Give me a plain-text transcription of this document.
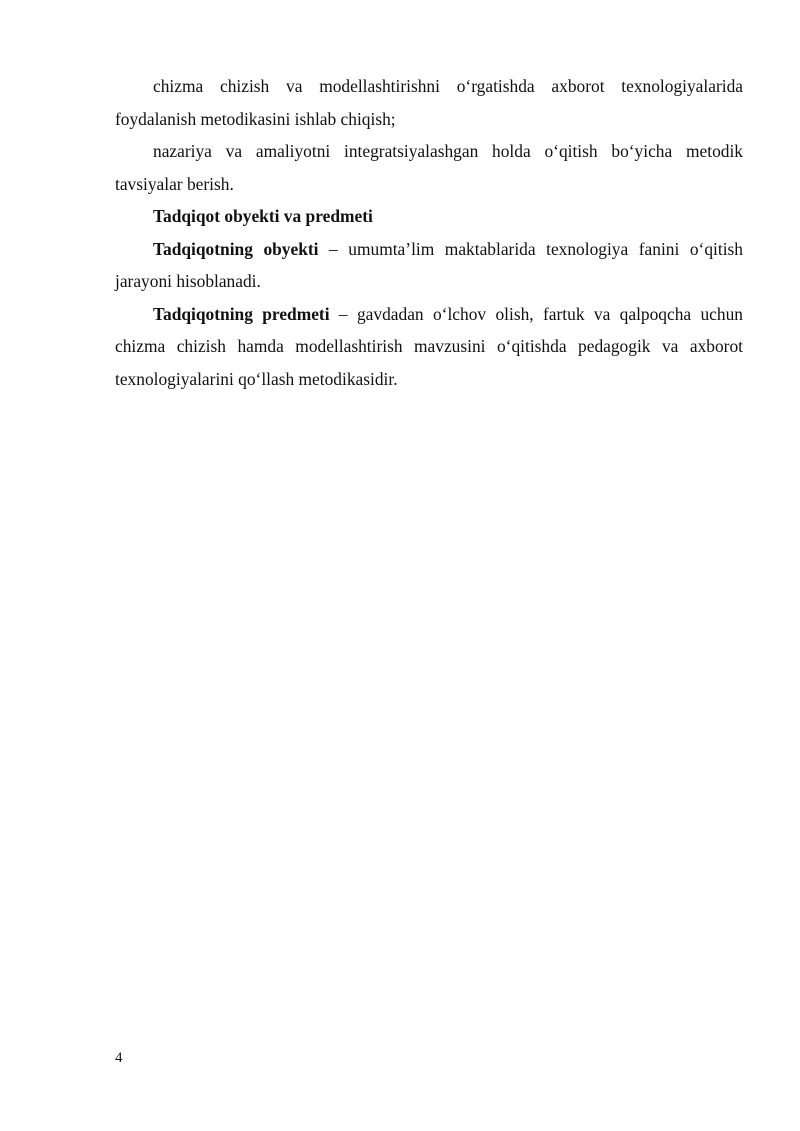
chizma chizish va modellashtirishni o‘rgatishda axborot texnologiyalarida foydalanish metodikasini ishlab chiqish;

nazariya va amaliyotni integratsiyalashgan holda o‘qitish bo‘yicha metodik tavsiyalar berish.

Tadqiqot obyekti va predmeti

Tadqiqotning obyekti – umumta’lim maktablarida texnologiya fanini o‘qitish jarayoni hisoblanadi.

Tadqiqotning predmeti – gavdadan o‘lchov olish, fartuk va qalpoqcha uchun chizma chizish hamda modellashtirish mavzusini o‘qitishda pedagogik va axborot texnologiyalarini qo‘llash metodikasidir.

4
